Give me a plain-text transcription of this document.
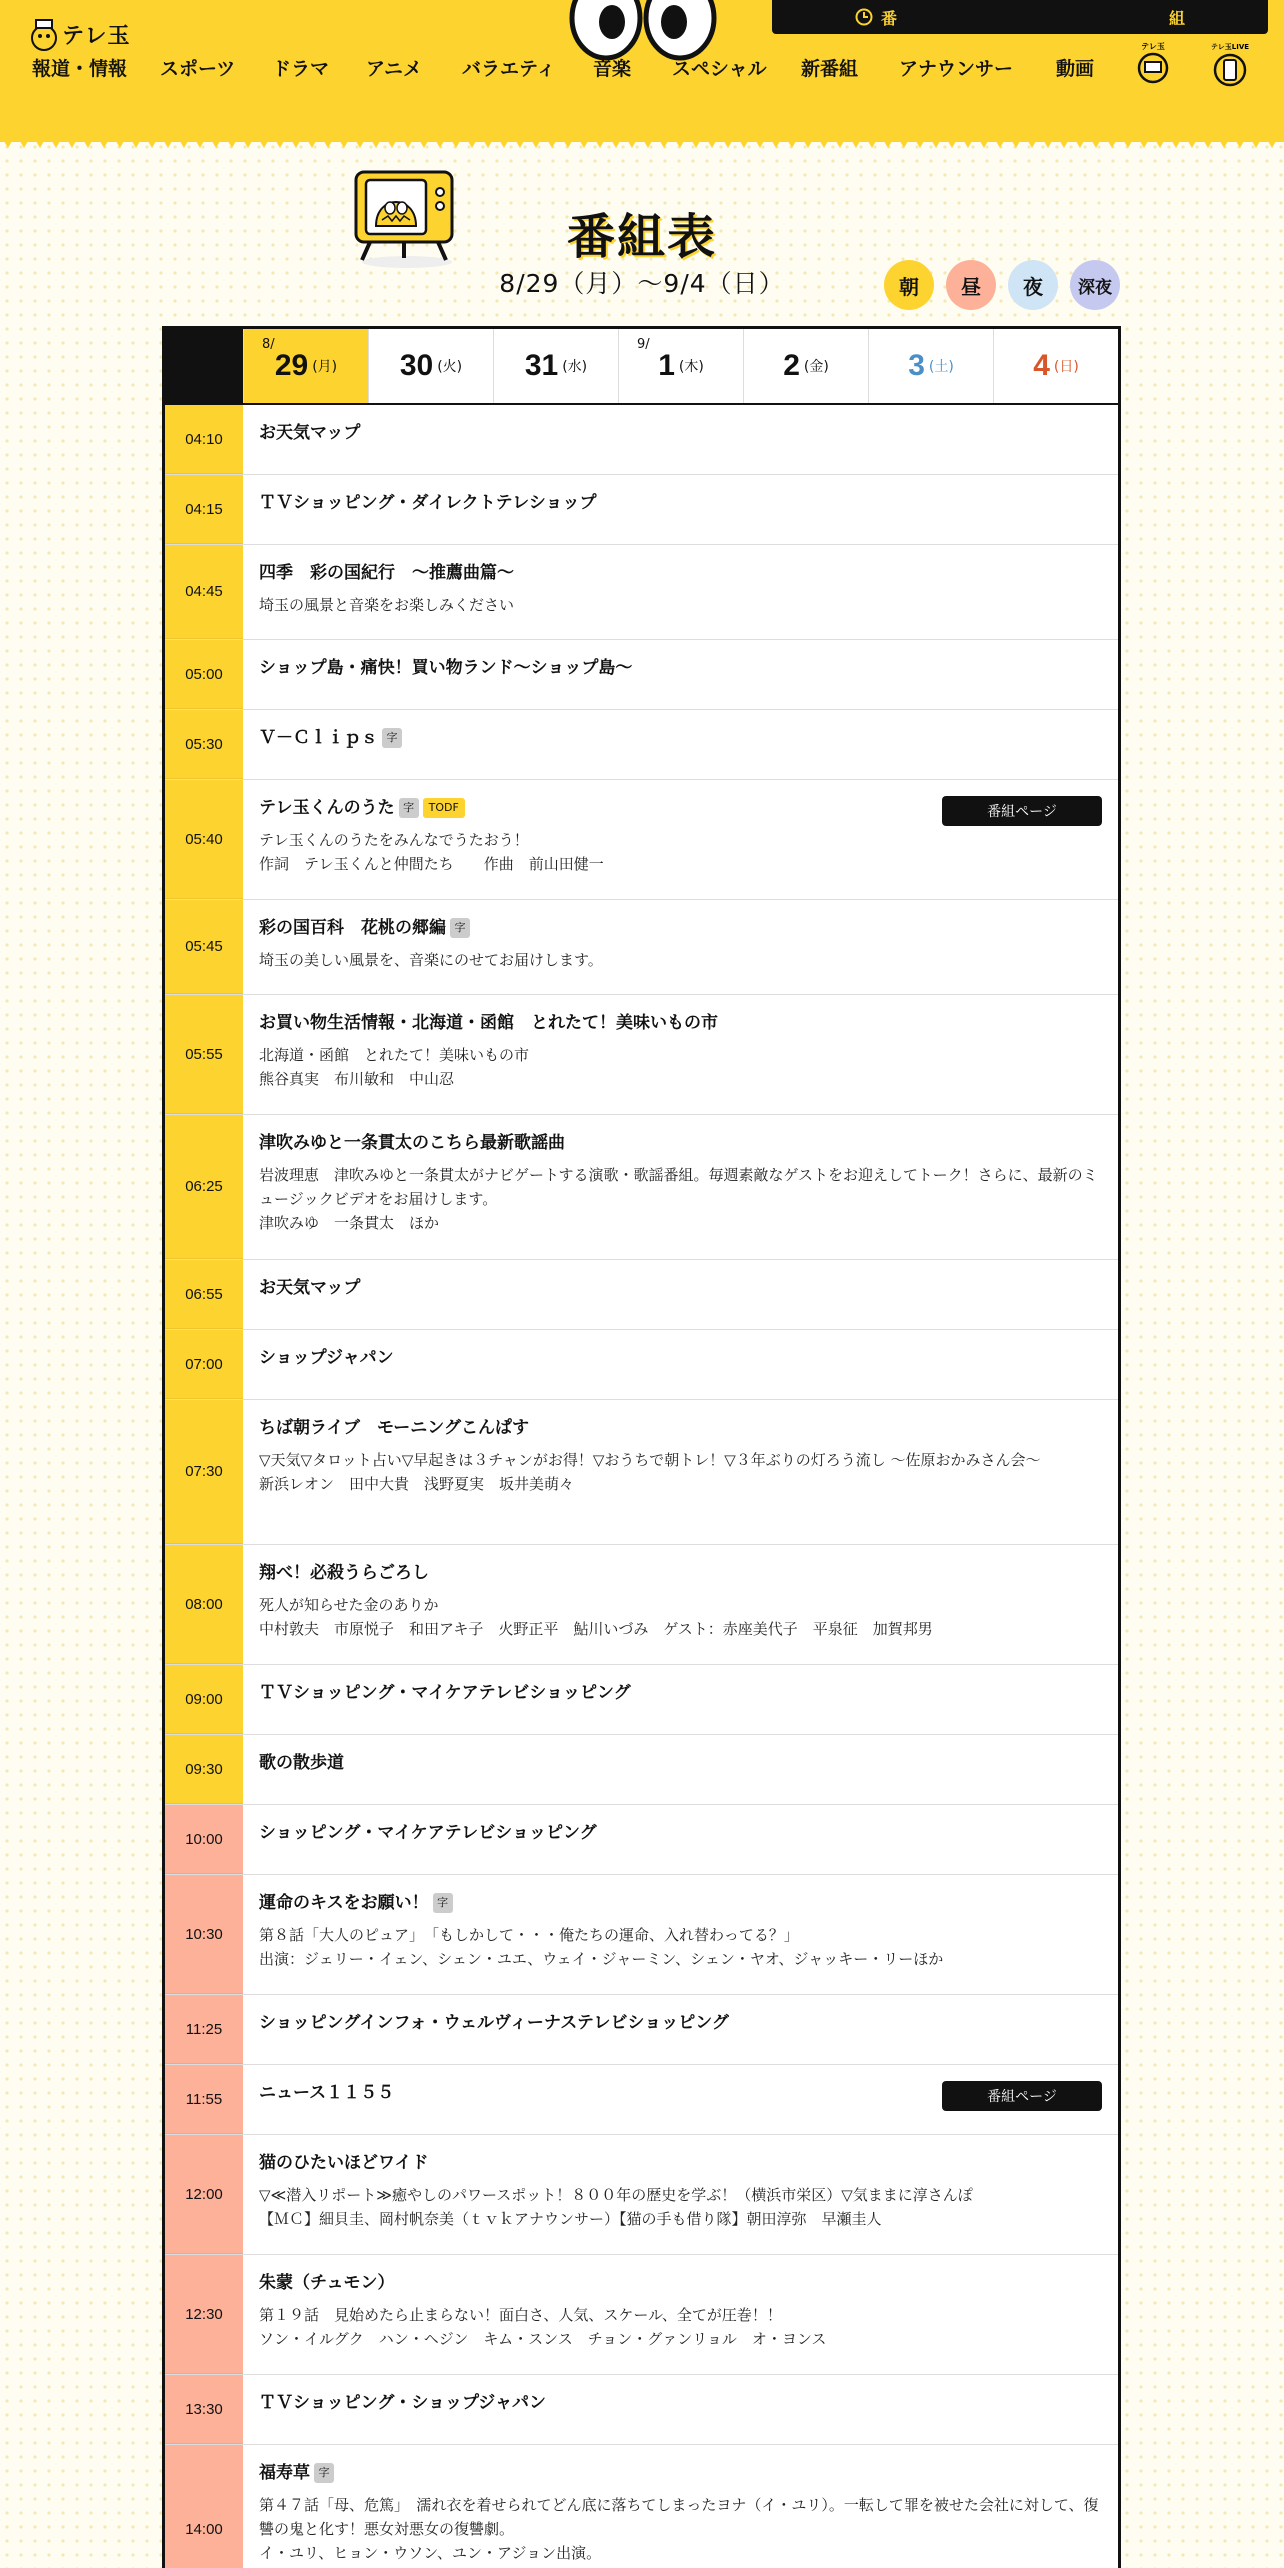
テレ玉
番　　　　　　　　　　　　　　　　　組
報道・情報 スポーツ ドラマ アニメ バラエティ 音楽 スペシャル 新番組 アナウンサー 動画
テレ玉	テレ玉LIVE
番組表
8/29（月）〜9/4（日）	朝	昼	夜	深夜
8/
29 (月) 30 (火) 31 (水)
9/
1 (木)	2 (金)	3 (土)	4 (日)
04:10	お天気マップ
04:15	ＴＶショッピング・ダイレクトテレショップ
04:45
四季　彩の国紀行　～推薦曲篇～
埼玉の風景と音楽をお楽しみください
05:00	ショップ島・痛快！買い物ランド～ショップ島～
05:30	Ｖ－Ｃｌｉｐｓ 字
05:40
テレ玉くんのうた 字	TODF	番組ページ
テレ玉くんのうたをみんなでうたおう！
作詞　テレ玉くんと仲間たち　　作曲　前山田健一
05:45
彩の国百科　花桃の郷編 字
埼玉の美しい風景を、音楽にのせてお届けします。
05:55
お買い物生活情報・北海道・函館　とれたて！美味いもの市
北海道・函館　とれたて！美味いもの市
熊谷真実　布川敏和　中山忍
06:25
津吹みゆと一条貫太のこちら最新歌謡曲
岩波理恵　津吹みゆと一条貫太がナビゲートする演歌・歌謡番組。毎週素敵なゲストをお迎えしてトーク！さらに、最新のミュージックビデオをお届けします。
津吹みゆ　一条貫太　ほか
06:55	お天気マップ
07:00	ショップジャパン
07:30
ちば朝ライブ　モーニングこんぱす
▽天気▽タロット占い▽早起きは３チャンがお得！▽おうちで朝トレ！▽３年ぶりの灯ろう流し ～佐原おかみさん会～
新浜レオン　田中大貴　浅野夏実　坂井美萌々
08:00
翔べ！必殺うらごろし
死人が知らせた金のありか
中村敦夫　市原悦子　和田アキ子　火野正平　鮎川いづみ　ゲスト：赤座美代子　平泉征　加賀邦男
09:00	ＴＶショッピング・マイケアテレビショッピング
09:30	歌の散歩道
10:00	ショッピング・マイケアテレビショッピング
10:30
運命のキスをお願い！ 字
第８話「大人のピュア」　「もしかして・・・俺たちの運命、入れ替わってる？」
出演：ジェリー・イェン、シェン・ユエ、ウェイ・ジャーミン、シェン・ヤオ、ジャッキー・リーほか
11:25	ショッピングインフォ・ウェルヴィーナステレビショッピング
11:55	ニュース１１５５	番組ページ
12:00
猫のひたいほどワイド
▽≪潜入リポート≫癒やしのパワースポット！８００年の歴史を学ぶ！（横浜市栄区）▽気ままに淳さんぽ
【ＭＣ】細貝圭、岡村帆奈美（ｔｖｋアナウンサー）【猫の手も借り隊】朝田淳弥　早瀬圭人
12:30
朱蒙（チュモン）
第１９話　見始めたら止まらない！面白さ、人気、スケール、全てが圧巻！！
ソン・イルグク　ハン・ヘジン　キム・スンス　チョン・グァンリョル　オ・ヨンス
13:30	ＴＶショッピング・ショップジャパン
14:00
福寿草 字
第４７話「母、危篤」　濡れ衣を着せられてどん底に落ちてしまったヨナ（イ・ユリ）。一転して罪を被せた会社に対して、復讐の鬼と化す！悪女対悪女の復讐劇。
イ・ユリ、ヒョン・ウソン、ユン・アジョン出演。
